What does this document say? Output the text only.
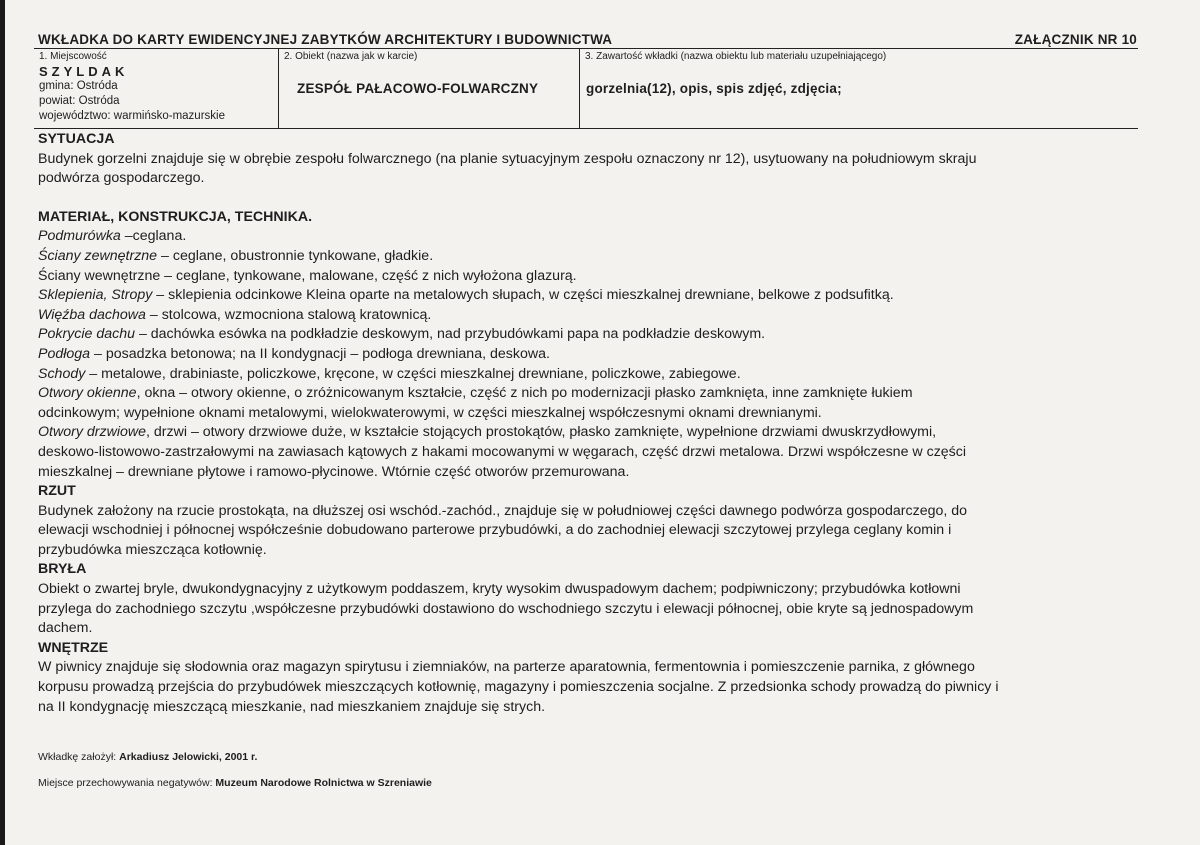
WKŁADKA DO KARTY EWIDENCYJNEJ ZABYTKÓW ARCHITEKTURY I BUDOWNICTWA	ZAŁĄCZNIK NR 10
1. Miejscowość
SZYLDAK
gmina: Ostróda
powiat: Ostróda
województwo: warmińsko-mazurskie
2. Obiekt (nazwa jak w karcie)
ZESPÓŁ PAŁACOWO-FOLWARCZNY
3. Zawartość wkładki (nazwa obiektu lub materiału uzupełniającego)
gorzelnia(12), opis, spis zdjęć, zdjęcia;
SYTUACJA
Budynek gorzelni znajduje się w obrębie zespołu folwarcznego (na planie sytuacyjnym zespołu oznaczony nr 12), usytuowany na południowym skraju
podwórza gospodarczego.
MATERIAŁ, KONSTRUKCJA, TECHNIKA.
Podmurówka –ceglana.
Ściany zewnętrzne – ceglane, obustronnie tynkowane, gładkie.
Ściany wewnętrzne – ceglane, tynkowane, malowane, część z nich wyłożona glazurą.
Sklepienia, Stropy – sklepienia odcinkowe Kleina oparte na metalowych słupach, w części mieszkalnej drewniane, belkowe z podsufitką.
Więźba dachowa – stolcowa, wzmocniona stalową kratownicą.
Pokrycie dachu – dachówka esówka na podkładzie deskowym, nad przybudówkami papa na podkładzie deskowym.
Podłoga – posadzka betonowa; na II kondygnacji – podłoga drewniana, deskowa.
Schody – metalowe, drabiniaste, policzkowe, kręcone, w części mieszkalnej drewniane, policzkowe, zabiegowe.
Otwory okienne, okna – otwory okienne, o zróżnicowanym kształcie, część z nich po modernizacji płasko zamknięta, inne zamknięte łukiem
odcinkowym; wypełnione oknami metalowymi, wielokwaterowymi, w części mieszkalnej współczesnymi oknami drewnianymi.
Otwory drzwiowe, drzwi – otwory drzwiowe duże, w kształcie stojących prostokątów, płasko zamknięte, wypełnione drzwiami dwuskrzydłowymi,
deskowo-listowowo-zastrzałowymi na zawiasach kątowych z hakami mocowanymi w węgarach, część drzwi metalowa. Drzwi współczesne w części
mieszkalnej – drewniane płytowe i ramowo-płycinowe. Wtórnie część otworów przemurowana.
RZUT
Budynek założony na rzucie prostokąta, na dłuższej osi wschód.-zachód., znajduje się w południowej części dawnego podwórza gospodarczego, do
elewacji wschodniej i północnej współcześnie dobudowano parterowe przybudówki, a do zachodniej elewacji szczytowej przylega ceglany komin i
przybudówka mieszcząca kotłownię.
BRYŁA
Obiekt o zwartej bryle, dwukondygnacyjny z użytkowym poddaszem, kryty wysokim dwuspadowym dachem; podpiwniczony; przybudówka kotłowni
przylega do zachodniego szczytu ,współczesne przybudówki dostawiono do wschodniego szczytu i elewacji północnej, obie kryte są jednospadowym
dachem.
WNĘTRZE
W piwnicy znajduje się słodownia oraz magazyn spirytusu i ziemniaków, na parterze aparatownia, fermentownia i pomieszczenie parnika, z głównego
korpusu prowadzą przejścia do przybudówek mieszczących kotłownię, magazyny i pomieszczenia socjalne. Z przedsionka schody prowadzą do piwnicy i
na II kondygnację mieszczącą mieszkanie, nad mieszkaniem znajduje się strych.
Wkładkę założył: Arkadiusz Jelowicki, 2001 r.
Miejsce przechowywania negatywów: Muzeum Narodowe Rolnictwa w Szreniawie
